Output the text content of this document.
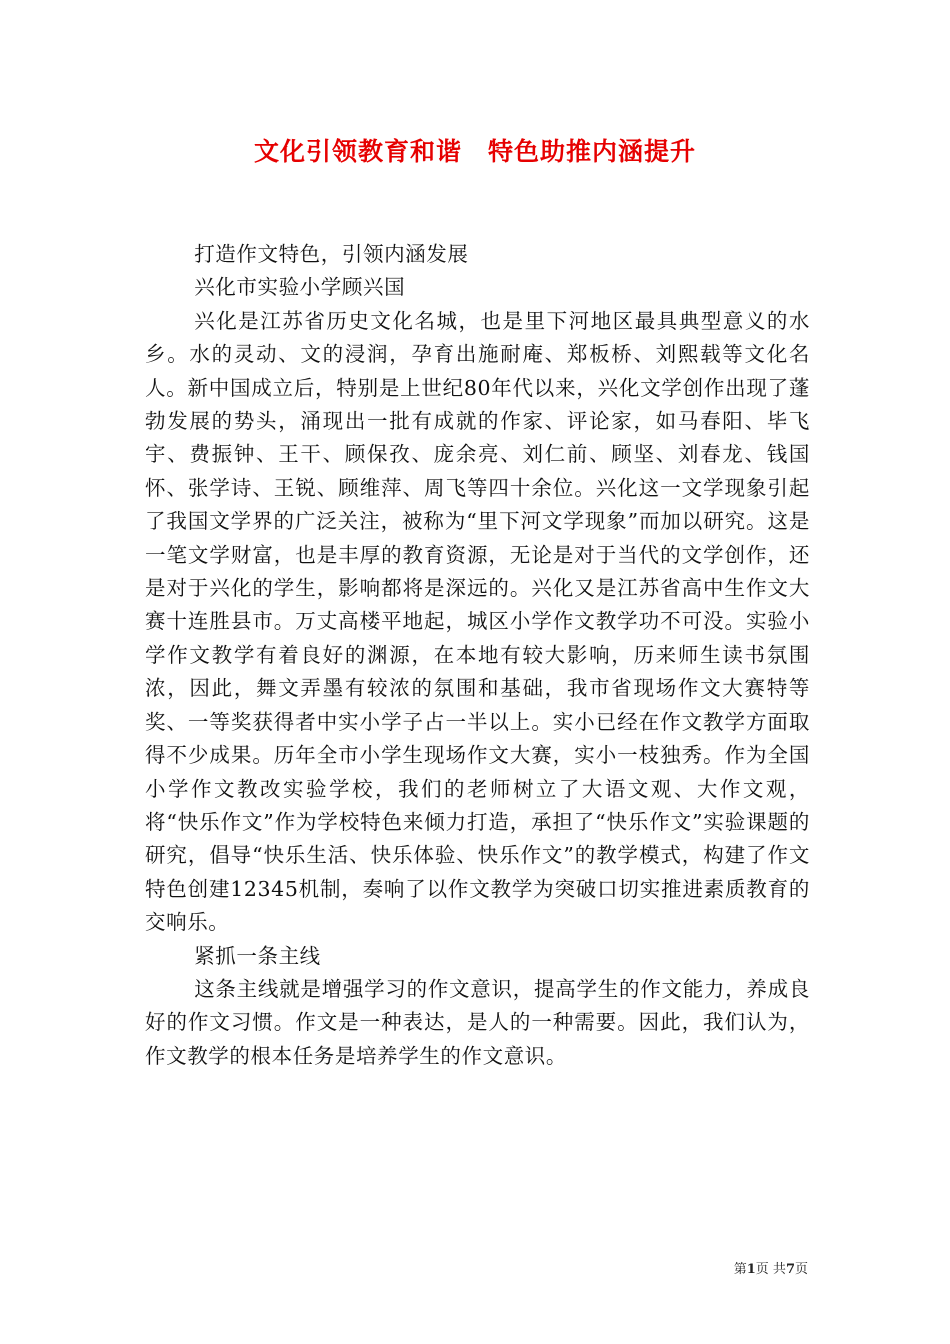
文化引领教育和谐　特色助推内涵提升

打造作文特色，引领内涵发展

兴化市实验小学顾兴国

兴化是江苏省历史文化名城，也是里下河地区最具典型意义的水乡。水的灵动、文的浸润，孕育出施耐庵、郑板桥、刘熙载等文化名人。新中国成立后，特别是上世纪80年代以来，兴化文学创作出现了蓬勃发展的势头，涌现出一批有成就的作家、评论家，如马春阳、毕飞宇、费振钟、王干、顾保孜、庞余亮、刘仁前、顾坚、刘春龙、钱国怀、张学诗、王锐、顾维萍、周飞等四十余位。兴化这一文学现象引起了我国文学界的广泛关注，被称为“里下河文学现象”而加以研究。这是一笔文学财富，也是丰厚的教育资源，无论是对于当代的文学创作，还是对于兴化的学生，影响都将是深远的。兴化又是江苏省高中生作文大赛十连胜县市。万丈高楼平地起，城区小学作文教学功不可没。实验小学作文教学有着良好的渊源，在本地有较大影响，历来师生读书氛围浓，因此，舞文弄墨有较浓的氛围和基础，我市省现场作文大赛特等奖、一等奖获得者中实小学子占一半以上。实小已经在作文教学方面取得不少成果。历年全市小学生现场作文大赛，实小一枝独秀。作为全国小学作文教改实验学校，我们的老师树立了大语文观、大作文观，将“快乐作文”作为学校特色来倾力打造，承担了“快乐作文”实验课题的研究，倡导“快乐生活、快乐体验、快乐作文”的教学模式，构建了作文特色创建12345机制，奏响了以作文教学为突破口切实推进素质教育的交响乐。

紧抓一条主线

这条主线就是增强学习的作文意识，提高学生的作文能力，养成良好的作文习惯。作文是一种表达，是人的一种需要。因此，我们认为，作文教学的根本任务是培养学生的作文意识。

第1页 共7页
